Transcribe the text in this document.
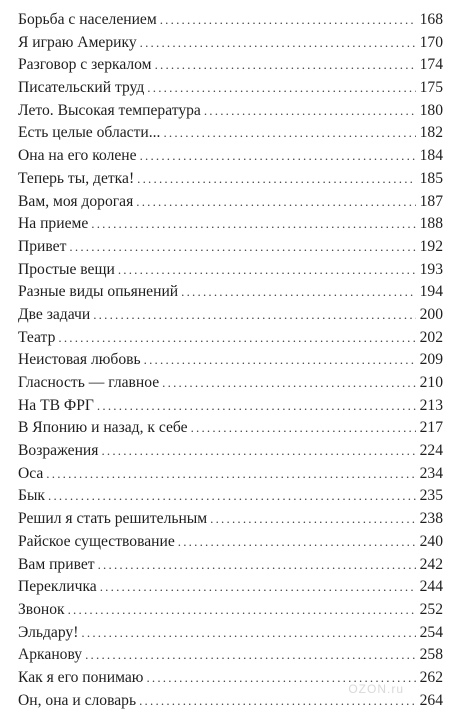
Борьба с населением .....	168
Я играю Америку .....	170
Разговор с зеркалом .....	174
Писательский труд .....	175
Лето. Высокая температура .....	180
Есть целые области... .....	182
Она на его колене .....	184
Теперь ты, детка! .....	185
Вам, моя дорогая .....	187
На приеме .....	188
Привет .....	192
Простые вещи .....	193
Разные виды опьянений .....	194
Две задачи .....	200
Театр .....	202
Неистовая любовь .....	209
Гласность — главное .....	210
На ТВ ФРГ .....	213
В Японию и назад, к себе .....	217
Возражения .....	224
Оса .....	234
Бык .....	235
Решил я стать решительным .....	238
Райское существование .....	240
Вам привет .....	242
Перекличка .....	244
Звонок .....	252
Эльдару! .....	254
Арканову .....	258
Как я его понимаю .....	262
Он, она и словарь .....	264
OZON.ru
